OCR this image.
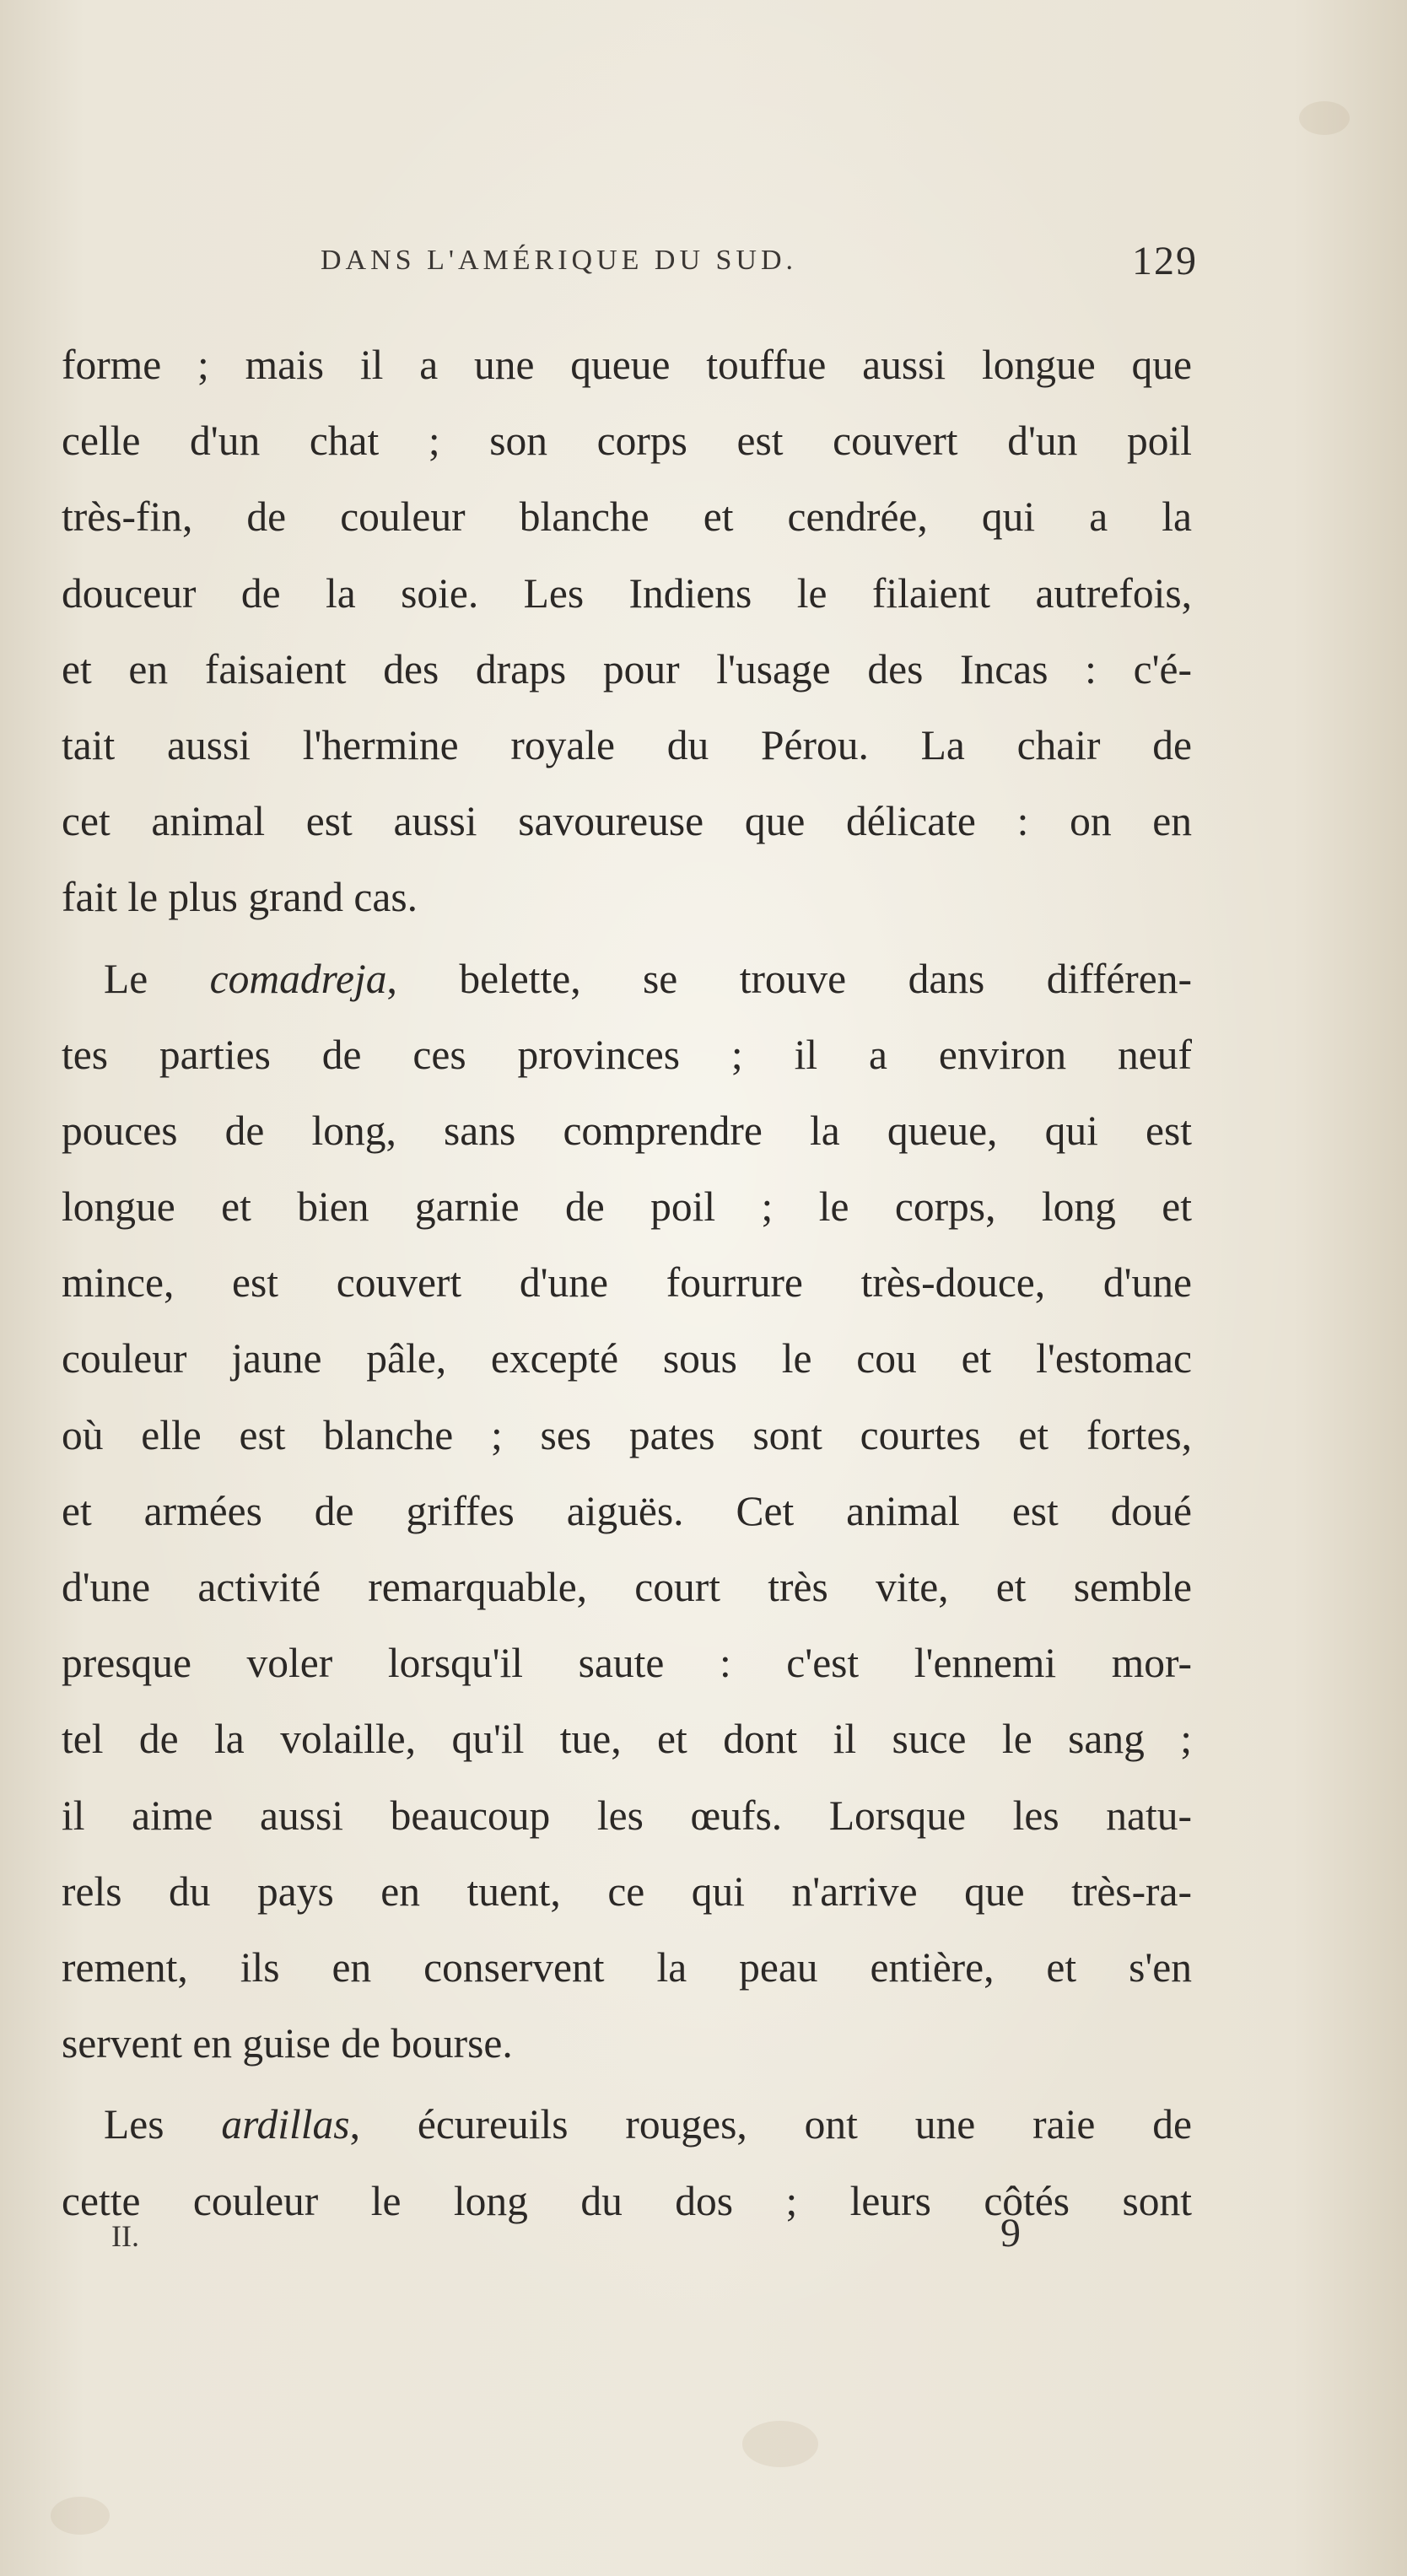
DANS L'AMÉRIQUE DU SUD.	129
forme ; mais il a une queue touffue aussi longue que
celle d'un chat ; son corps est couvert d'un poil
très-fin, de couleur blanche et cendrée, qui a la
douceur de la soie. Les Indiens le filaient autrefois,
et en faisaient des draps pour l'usage des Incas : c'é-
tait aussi l'hermine royale du Pérou. La chair de
cet animal est aussi savoureuse que délicate : on en
fait le plus grand cas.
Le comadreja, belette, se trouve dans différen-
tes parties de ces provinces ; il a environ neuf
pouces de long, sans comprendre la queue, qui est
longue et bien garnie de poil ; le corps, long et
mince, est couvert d'une fourrure très-douce, d'une
couleur jaune pâle, excepté sous le cou et l'estomac
où elle est blanche ; ses pates sont courtes et fortes,
et armées de griffes aiguës. Cet animal est doué
d'une activité remarquable, court très vite, et semble
presque voler lorsqu'il saute : c'est l'ennemi mor-
tel de la volaille, qu'il tue, et dont il suce le sang ;
il aime aussi beaucoup les œufs. Lorsque les natu-
rels du pays en tuent, ce qui n'arrive que très-ra-
rement, ils en conservent la peau entière, et s'en
servent en guise de bourse.
Les ardillas, écureuils rouges, ont une raie de
cette couleur le long du dos ; leurs côtés sont
II.	9
